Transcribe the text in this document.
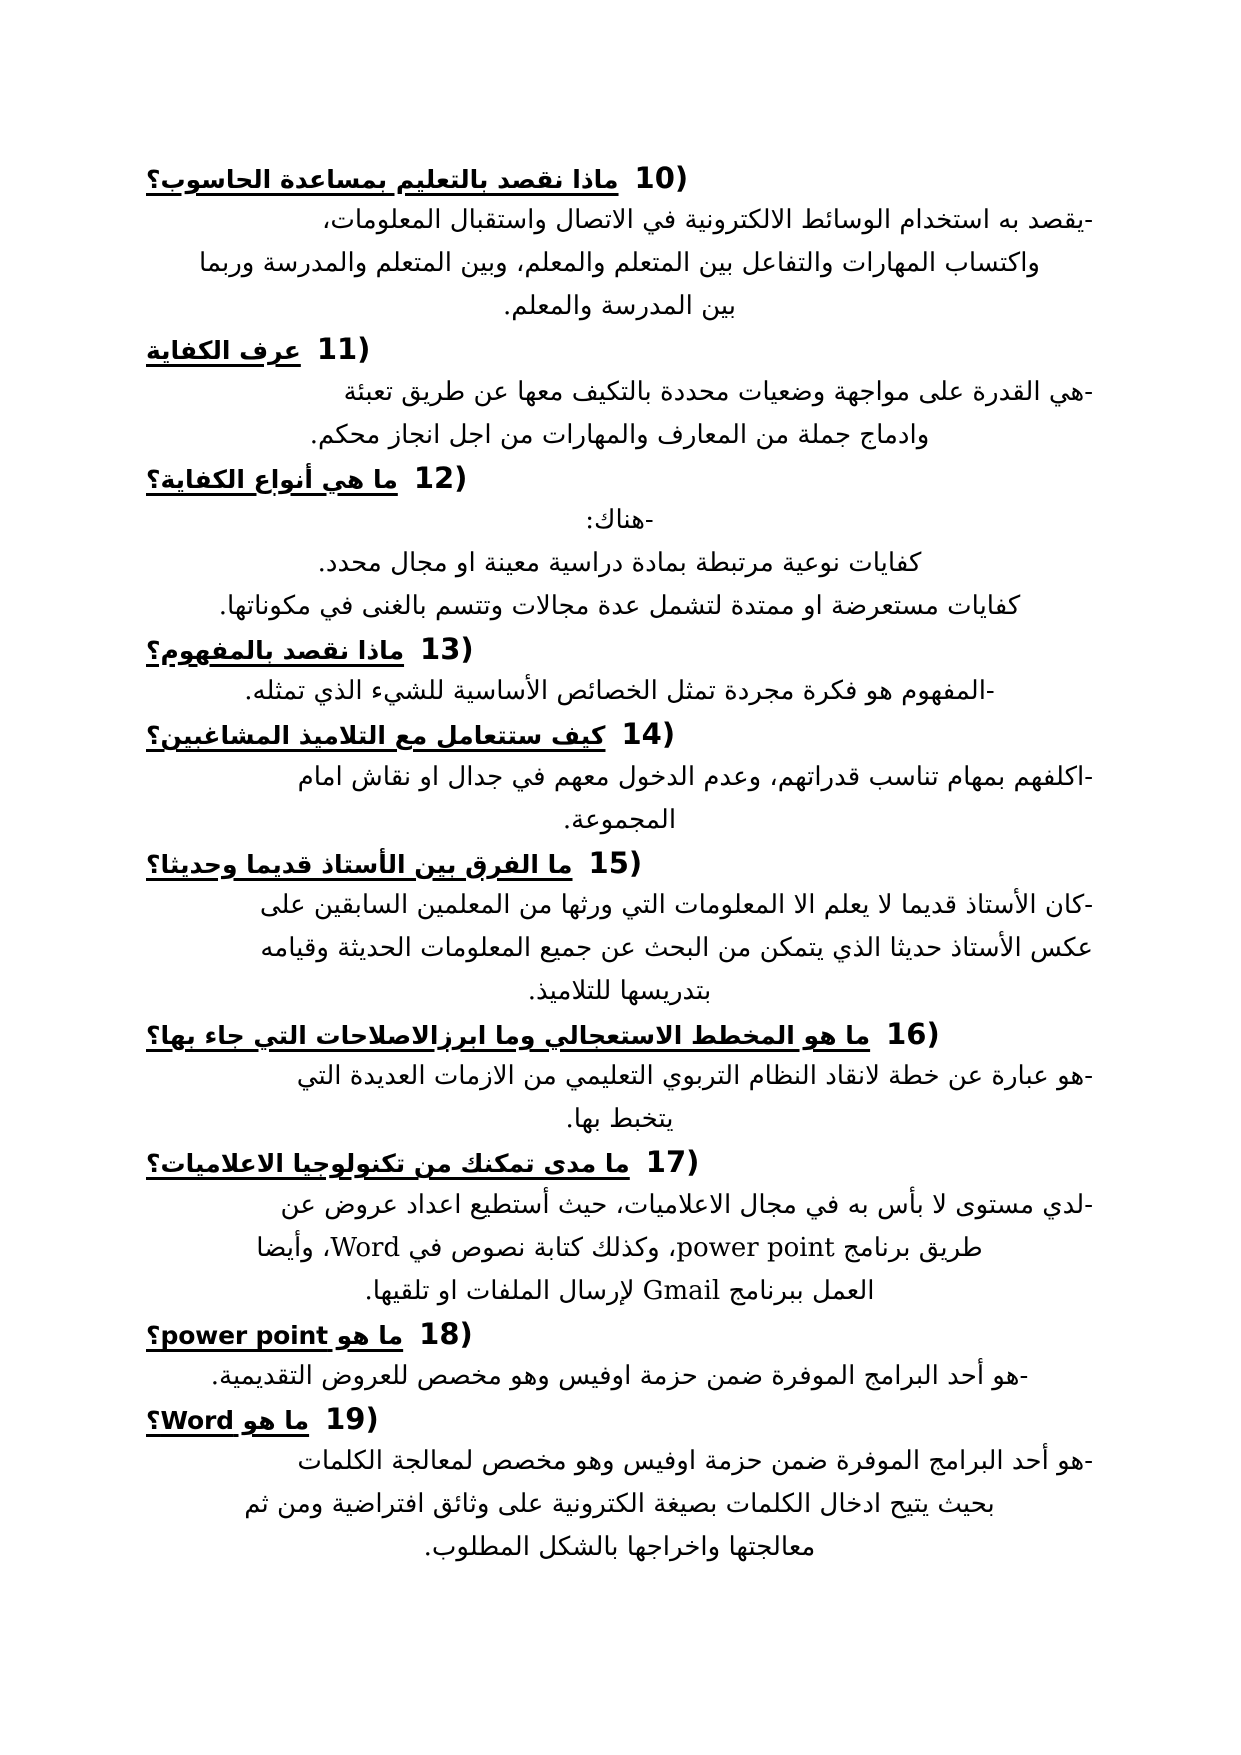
10)
ماذا نقصد بالتعليم بمساعدة الحاسوب؟
-يقصد به استخدام الوسائط الالكترونية في الاتصال واستقبال المعلومات،
واكتساب المهارات والتفاعل بين المتعلم والمعلم، وبين المتعلم والمدرسة وربما
بين المدرسة والمعلم.
11)
عرف الكفاية
-هي القدرة على مواجهة وضعيات محددة بالتكيف معها عن طريق تعبئة
وادماج جملة من المعارف والمهارات من اجل انجاز محكم.
12)
ما هي أنواع الكفاية؟
-هناك:
كفايات نوعية مرتبطة بمادة دراسية معينة او مجال محدد.
كفايات مستعرضة او ممتدة لتشمل عدة مجالات وتتسم بالغنى في مكوناتها.
13)
ماذا نقصد بالمفهوم؟
-المفهوم هو فكرة مجردة تمثل الخصائص الأساسية للشيء الذي تمثله.
14)
كيف ستتعامل مع التلاميذ المشاغبين؟
-اكلفهم بمهام تناسب قدراتهم، وعدم الدخول معهم في جدال او نقاش امام
المجموعة.
15)
ما الفرق بين الأستاذ قديما وحديثا؟
-كان الأستاذ قديما لا يعلم الا المعلومات التي ورثها من المعلمين السابقين على
عكس الأستاذ حديثا الذي يتمكن من البحث عن جميع المعلومات الحديثة وقيامه
بتدريسها للتلاميذ.
16)
ما هو المخطط الاستعجالي وما ابرزالاصلاحات التي جاء بها؟
-هو عبارة عن خطة لانقاد النظام التربوي التعليمي من الازمات العديدة التي
يتخبط بها.
17)
ما مدى تمكنك من تكنولوجيا الاعلاميات؟
-لدي مستوى لا بأس به في مجال الاعلاميات، حيث أستطيع اعداد عروض عن
طريق برنامج power point، وكذلك كتابة نصوص في Word، وأيضا
العمل ببرنامج Gmail لإرسال الملفات او تلقيها.
18)
ما هو power point؟
-هو أحد البرامج الموفرة ضمن حزمة اوفيس وهو مخصص للعروض التقديمية.
19)
ما هو Word؟
-هو أحد البرامج الموفرة ضمن حزمة اوفيس وهو مخصص لمعالجة الكلمات
بحيث يتيح ادخال الكلمات بصيغة الكترونية على وثائق افتراضية ومن ثم
معالجتها واخراجها بالشكل المطلوب.
